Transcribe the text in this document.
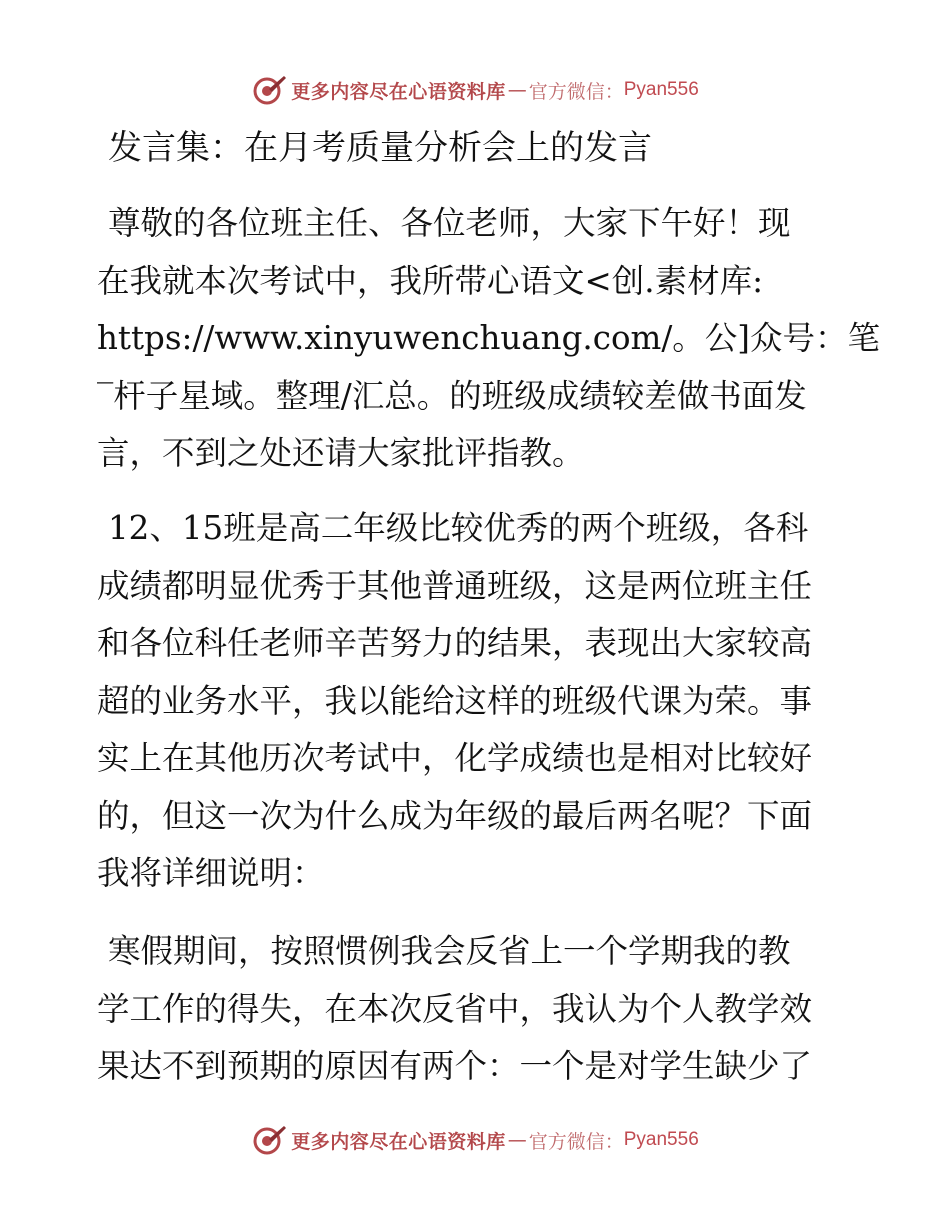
更多内容尽在心语资料库 — 官方微信： Pyan556
发言集：在月考质量分析会上的发言

尊敬的各位班主任、各位老师，大家下午好！现
在我就本次考试中，我所带心语文<创.素材库:
https://www.xinyuwenchuang.com/。公]众号：笔
‾杆子星域。整理/汇总。的班级成绩较差做书面发
言，不到之处还请大家批评指教。

12、15班是高二年级比较优秀的两个班级，各科
成绩都明显优秀于其他普通班级，这是两位班主任
和各位科任老师辛苦努力的结果，表现出大家较高
超的业务水平，我以能给这样的班级代课为荣。事
实上在其他历次考试中，化学成绩也是相对比较好
的，但这一次为什么成为年级的最后两名呢？下面
我将详细说明：

寒假期间，按照惯例我会反省上一个学期我的教
学工作的得失，在本次反省中，我认为个人教学效
果达不到预期的原因有两个：一个是对学生缺少了

更多内容尽在心语资料库 — 官方微信： Pyan556
